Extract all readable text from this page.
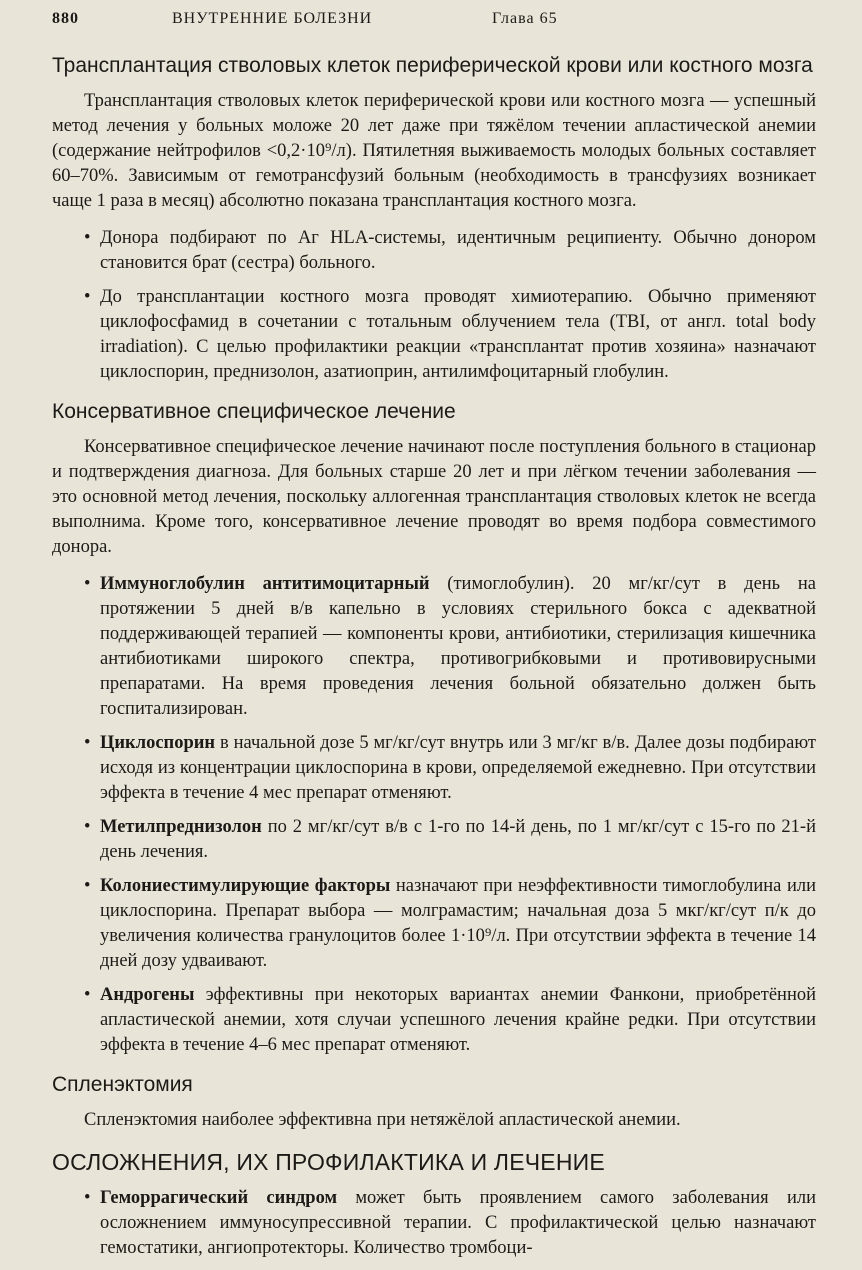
880	ВНУТРЕННИЕ БОЛЕЗНИ	Глава 65
Трансплантация стволовых клеток периферической крови или костного мозга

Трансплантация стволовых клеток периферической крови или костного мозга — успешный метод лечения у больных моложе 20 лет даже при тяжёлом течении апластической анемии (содержание нейтрофилов <0,2·10⁹/л). Пятилетняя выживаемость молодых больных составляет 60–70%. Зависимым от гемотрансфузий больным (необходимость в трансфузиях возникает чаще 1 раза в месяц) абсолютно показана трансплантация костного мозга.

• Донора подбирают по Аг HLA-системы, идентичным реципиенту. Обычно донором становится брат (сестра) больного.
• До трансплантации костного мозга проводят химиотерапию. Обычно применяют циклофосфамид в сочетании с тотальным облучением тела (TBI, от англ. total body irradiation). С целью профилактики реакции «трансплантат против хозяина» назначают циклоспорин, преднизолон, азатиоприн, антилимфоцитарный глобулин.
Консервативное специфическое лечение

Консервативное специфическое лечение начинают после поступления больного в стационар и подтверждения диагноза. Для больных старше 20 лет и при лёгком течении заболевания — это основной метод лечения, поскольку аллогенная трансплантация стволовых клеток не всегда выполнима. Кроме того, консервативное лечение проводят во время подбора совместимого донора.

• Иммуноглобулин антитимоцитарный (тимоглобулин). 20 мг/кг/сут в день на протяжении 5 дней в/в капельно в условиях стерильного бокса с адекватной поддерживающей терапией — компоненты крови, антибиотики, стерилизация кишечника антибиотиками широкого спектра, противогрибковыми и противовирусными препаратами. На время проведения лечения больной обязательно должен быть госпитализирован.
• Циклоспорин в начальной дозе 5 мг/кг/сут внутрь или 3 мг/кг в/в. Далее дозы подбирают исходя из концентрации циклоспорина в крови, определяемой ежедневно. При отсутствии эффекта в течение 4 мес препарат отменяют.
• Метилпреднизолон по 2 мг/кг/сут в/в с 1-го по 14-й день, по 1 мг/кг/сут с 15-го по 21-й день лечения.
• Колониестимулирующие факторы назначают при неэффективности тимоглобулина или циклоспорина. Препарат выбора — молграмастим; начальная доза 5 мкг/кг/сут п/к до увеличения количества гранулоцитов более 1·10⁹/л. При отсутствии эффекта в течение 14 дней дозу удваивают.
• Андрогены эффективны при некоторых вариантах анемии Фанкони, приобретённой апластической анемии, хотя случаи успешного лечения крайне редки. При отсутствии эффекта в течение 4–6 мес препарат отменяют.
Спленэктомия

Спленэктомия наиболее эффективна при нетяжёлой апластической анемии.

ОСЛОЖНЕНИЯ, ИХ ПРОФИЛАКТИКА И ЛЕЧЕНИЕ
• Геморрагический синдром может быть проявлением самого заболевания или осложнением иммуносупрессивной терапии. С профилактической целью назначают гемостатики, ангиопротекторы. Количество тромбоци-
